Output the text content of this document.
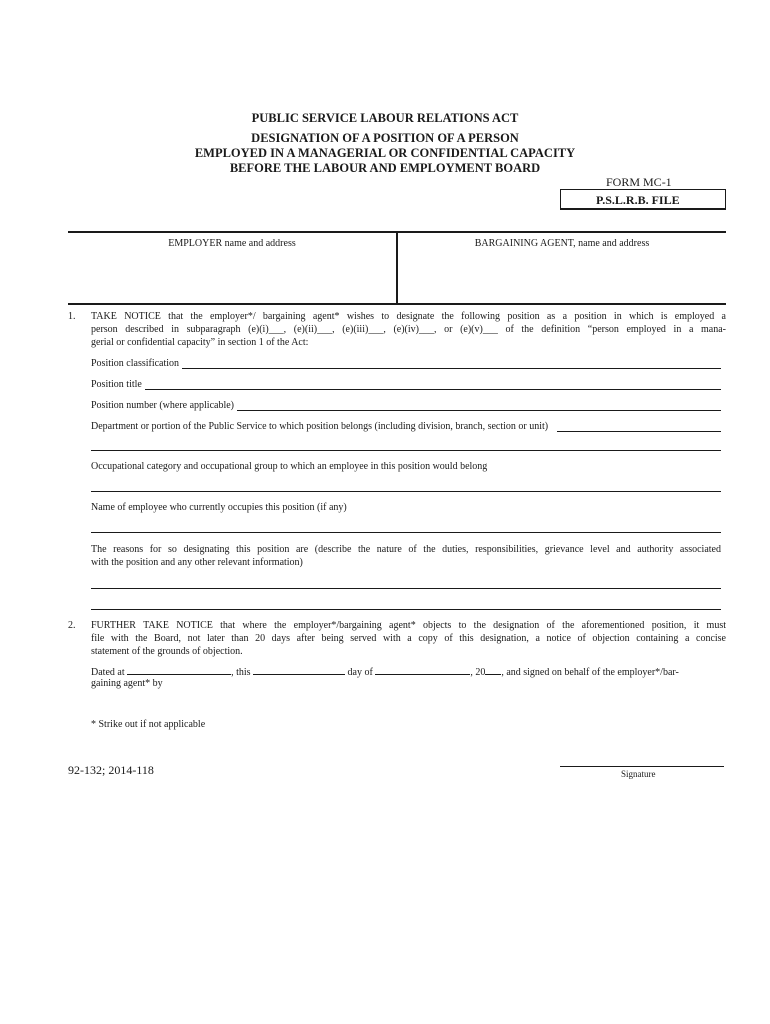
PUBLIC SERVICE LABOUR RELATIONS ACT
DESIGNATION OF A POSITION OF A PERSON
EMPLOYED IN A MANAGERIAL OR CONFIDENTIAL CAPACITY
BEFORE THE LABOUR AND EMPLOYMENT BOARD
FORM MC-1
P.S.L.R.B. FILE
EMPLOYER name and address	BARGAINING AGENT, name and address
1. TAKE NOTICE that the employer*/ bargaining agent* wishes to designate the following position as a position in which is employed a
person described in subparagraph (e)(i)___, (e)(ii)___, (e)(iii)___, (e)(iv)___, or (e)(v)___ of the definition “person employed in a mana-
gerial or confidential capacity” in section 1 of the Act:
Position classification
Position title
Position number (where applicable)
Department or portion of the Public Service to which position belongs (including division, branch, section or unit)
Occupational category and occupational group to which an employee in this position would belong
Name of employee who currently occupies this position (if any)
The reasons for so designating this position are (describe the nature of the duties, responsibilities, grievance level and authority associated
with the position and any other relevant information)
2. FURTHER TAKE NOTICE that where the employer*/bargaining agent* objects to the designation of the aforementioned position, it must
file with the Board, not later than 20 days after being served with a copy of this designation, a notice of objection containing a concise
statement of the grounds of objection.
Dated at	, this	day of	, 20 , and signed on behalf of the employer*/bar-
gaining agent* by
* Strike out if not applicable
92-132; 2014-118	Signature
